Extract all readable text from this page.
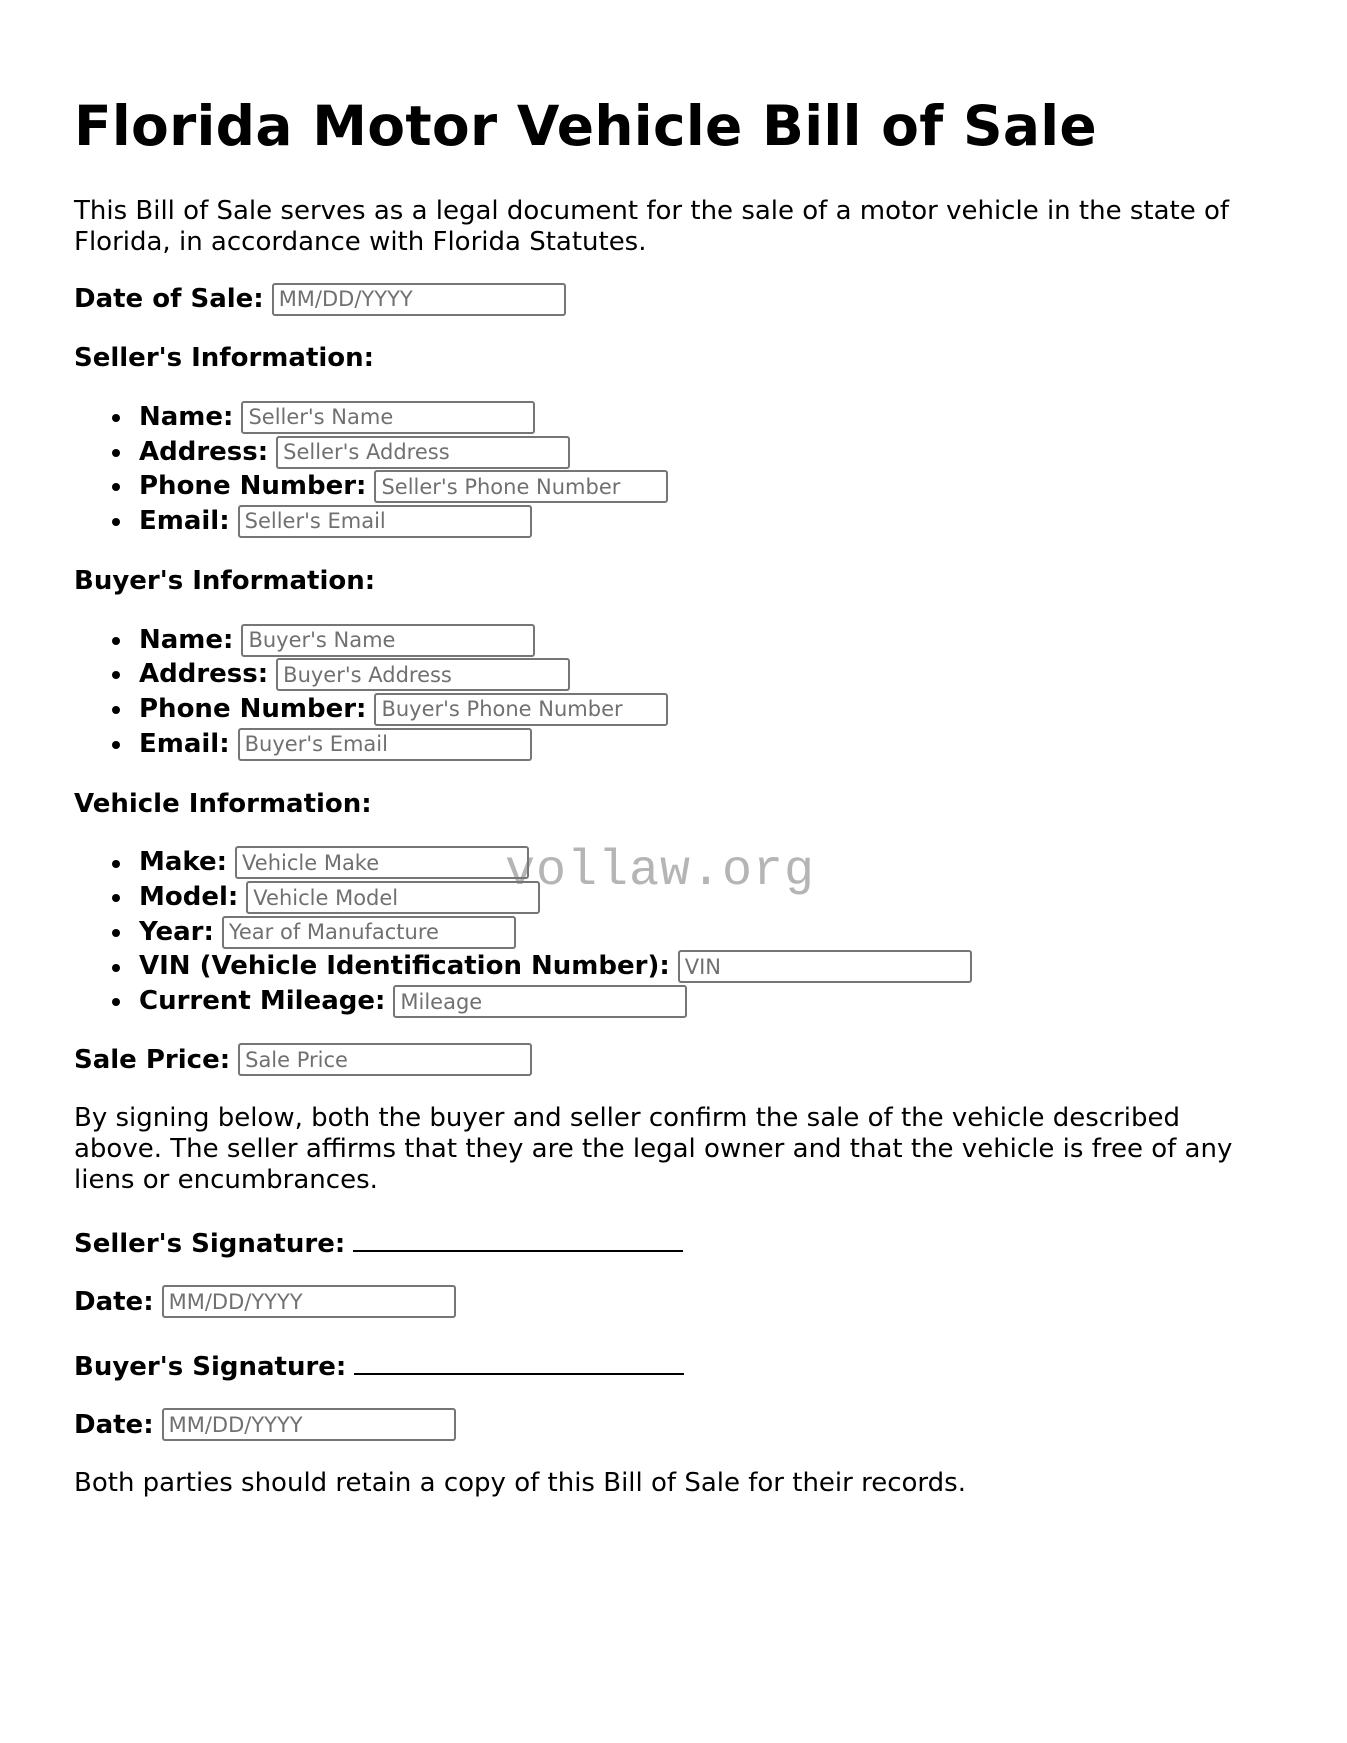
Florida Motor Vehicle Bill of Sale

This Bill of Sale serves as a legal document for the sale of a motor vehicle in the state of Florida, in accordance with Florida Statutes.

Date of Sale:
MM/DD/YYYY
Seller's Information:
Name:
Seller's Name
Address:
Seller's Address
Phone Number:
Seller's Phone Number
Email:
Seller's Email
Buyer's Information:
Name:
Buyer's Name
Address:
Buyer's Address
Phone Number:
Buyer's Phone Number
Email:
Buyer's Email
Vehicle Information:
Make:
Vehicle Make
Model:
Vehicle Model
Year:
Year of Manufacture
VIN (Vehicle Identification Number):
VIN
Current Mileage:
Mileage
Sale Price:
Sale Price

By signing below, both the buyer and seller confirm the sale of the vehicle described above. The seller affirms that they are the legal owner and that the vehicle is free of any liens or encumbrances.

Seller's Signature:
Date:
MM/DD/YYYY
Buyer's Signature:
Date:
MM/DD/YYYY

Both parties should retain a copy of this Bill of Sale for their records.

vollaw.org
